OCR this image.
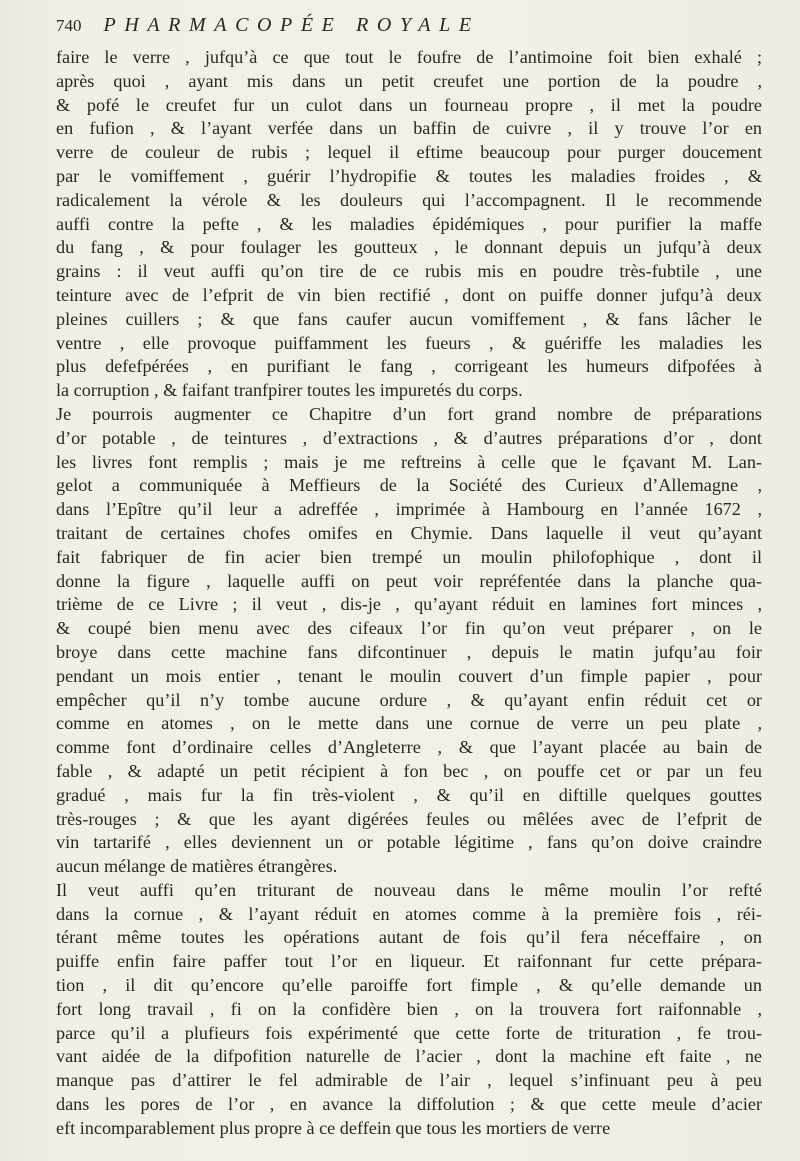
740 PHARMACOPÉE ROYALE
faire le verre , jufqu’à ce que tout le foufre de l’antimoine foit bien exhalé ;
après quoi , ayant mis dans un petit creufet une portion de la poudre ,
& pofé le creufet fur un culot dans un fourneau propre , il met la poudre
en fufion , & l’ayant verfée dans un baffin de cuivre , il y trouve l’or en
verre de couleur de rubis ; lequel il eftime beaucoup pour purger doucement
par le vomiffement , guérir l’hydropifie & toutes les maladies froides , &
radicalement la vérole & les douleurs qui l’accompagnent. Il le recommende
auffi contre la pefte , & les maladies épidémiques , pour purifier la maffe
du fang , & pour foulager les goutteux , le donnant depuis un jufqu’à deux
grains : il veut auffi qu’on tire de ce rubis mis en poudre très-fubtile , une
teinture avec de l’efprit de vin bien rectifié , dont on puiffe donner jufqu’à deux
pleines cuillers ; & que fans caufer aucun vomiffement , & fans lâcher le
ventre , elle provoque puiffamment les fueurs , & guériffe les maladies les
plus defefpérées , en purifiant le fang , corrigeant les humeurs difpofées à
la corruption , & faifant tranfpirer toutes les impuretés du corps.
Je pourrois augmenter ce Chapitre d’un fort grand nombre de préparations
d’or potable , de teintures , d’extractions , & d’autres préparations d’or , dont
les livres font remplis ; mais je me reftreins à celle que le fçavant M. Lan-
gelot a communiquée à Meffieurs de la Société des Curieux d’Allemagne ,
dans l’Epître qu’il leur a adreffée , imprimée à Hambourg en l’année 1672 ,
traitant de certaines chofes omifes en Chymie. Dans laquelle il veut qu’ayant
fait fabriquer de fin acier bien trempé un moulin philofophique , dont il
donne la figure , laquelle auffi on peut voir repréfentée dans la planche qua-
trième de ce Livre ; il veut , dis-je , qu’ayant réduit en lamines fort minces ,
& coupé bien menu avec des cifeaux l’or fin qu’on veut préparer , on le
broye dans cette machine fans difcontinuer , depuis le matin jufqu’au foir
pendant un mois entier , tenant le moulin couvert d’un fimple papier , pour
empêcher qu’il n’y tombe aucune ordure , & qu’ayant enfin réduit cet or
comme en atomes , on le mette dans une cornue de verre un peu plate ,
comme font d’ordinaire celles d’Angleterre , & que l’ayant placée au bain de
fable , & adapté un petit récipient à fon bec , on pouffe cet or par un feu
gradué , mais fur la fin très-violent , & qu’il en diftille quelques gouttes
très-rouges ; & que les ayant digérées feules ou mêlées avec de l’efprit de
vin tartarifé , elles deviennent un or potable légitime , fans qu’on doive craindre
aucun mélange de matières étrangères.
Il veut auffi qu’en triturant de nouveau dans le même moulin l’or refté
dans la cornue , & l’ayant réduit en atomes comme à la première fois , réi-
térant même toutes les opérations autant de fois qu’il fera néceffaire , on
puiffe enfin faire paffer tout l’or en liqueur. Et raifonnant fur cette prépara-
tion , il dit qu’encore qu’elle paroiffe fort fimple , & qu’elle demande un
fort long travail , fi on la confidère bien , on la trouvera fort raifonnable ,
parce qu’il a plufieurs fois expérimenté que cette forte de trituration , fe trou-
vant aidée de la difpofition naturelle de l’acier , dont la machine eft faite , ne
manque pas d’attirer le fel admirable de l’air , lequel s’infinuant peu à peu
dans les pores de l’or , en avance la diffolution ; & que cette meule d’acier
eft incomparablement plus propre à ce deffein que tous les mortiers de verre
